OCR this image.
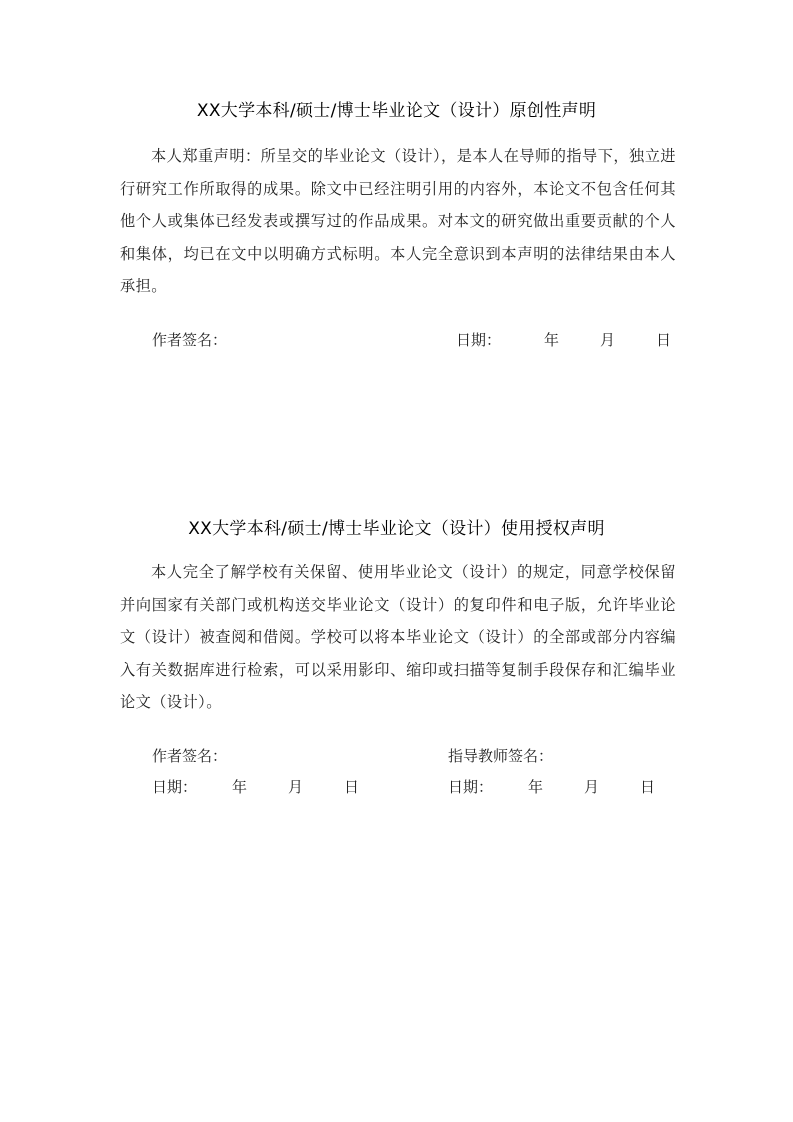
XX大学本科/硕士/博士毕业论文（设计）原创性声明
本人郑重声明：所呈交的毕业论文（设计），是本人在导师的指导下，独立进行研究工作所取得的成果。除文中已经注明引用的内容外，本论文不包含任何其他个人或集体已经发表或撰写过的作品成果。对本文的研究做出重要贡献的个人和集体，均已在文中以明确方式标明。本人完全意识到本声明的法律结果由本人承担。
作者签名：	日期：	年	月	日
XX大学本科/硕士/博士毕业论文（设计）使用授权声明
本人完全了解学校有关保留、使用毕业论文（设计）的规定，同意学校保留并向国家有关部门或机构送交毕业论文（设计）的复印件和电子版，允许毕业论文（设计）被查阅和借阅。学校可以将本毕业论文（设计）的全部或部分内容编入有关数据库进行检索，可以采用影印、缩印或扫描等复制手段保存和汇编毕业论文（设计）。
作者签名：	指导教师签名：
日期： 年	月	日	日期： 年	月	日
